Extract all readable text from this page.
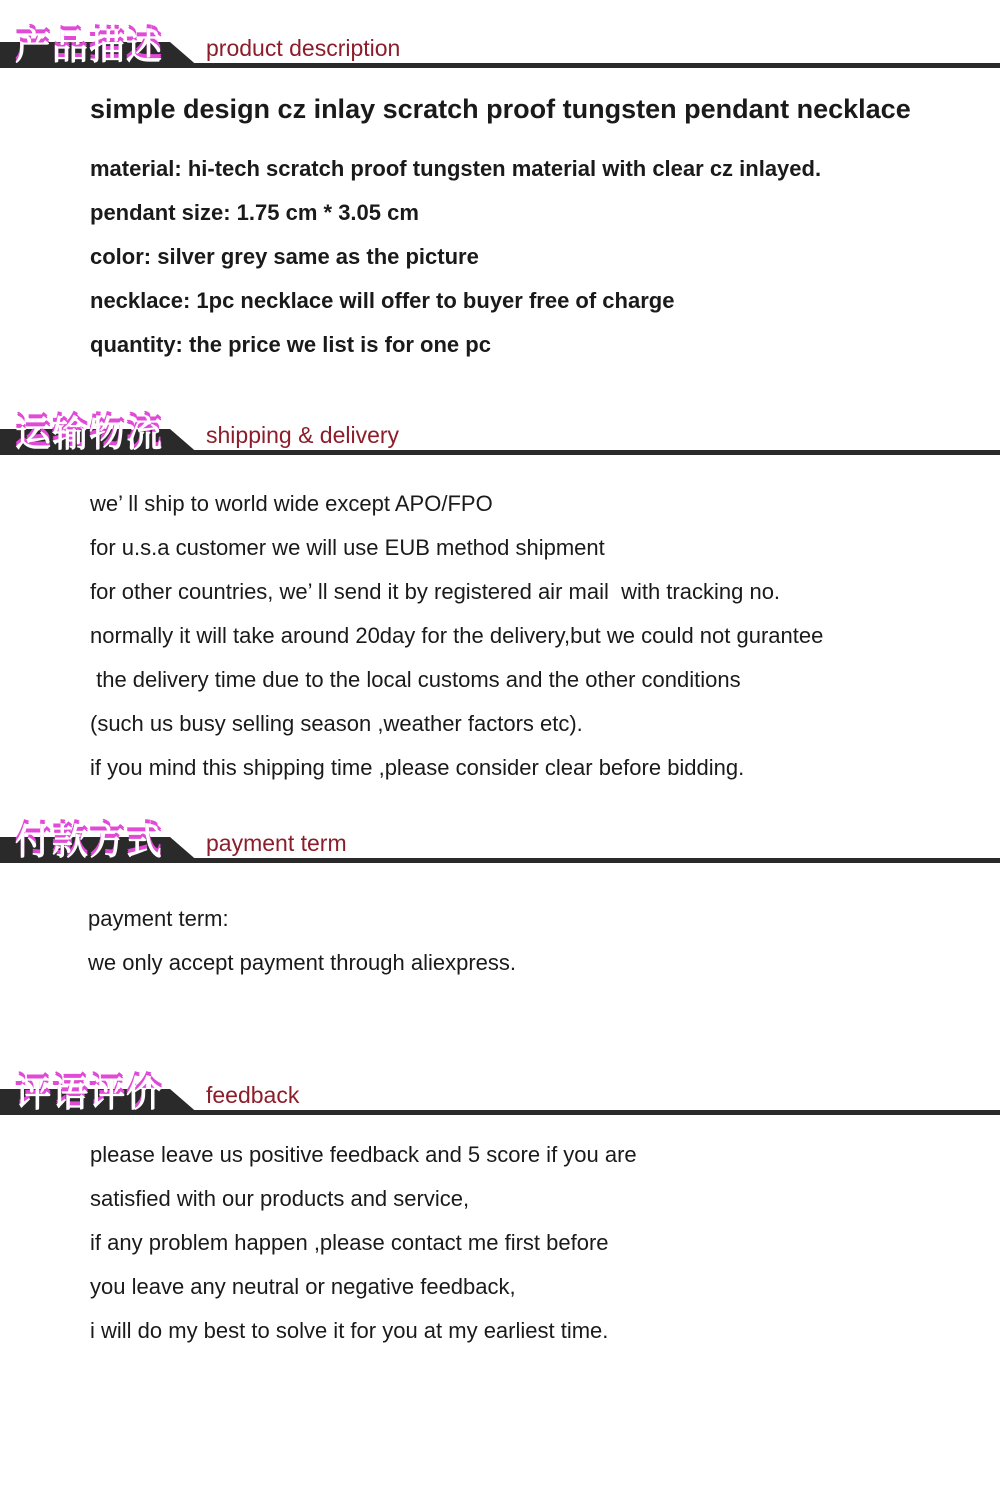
产品描述 product description
simple design cz inlay scratch proof tungsten pendant necklace
material: hi-tech scratch proof tungsten material with clear cz inlayed.
pendant size: 1.75 cm * 3.05 cm
color: silver grey same as the picture
necklace: 1pc necklace will offer to buyer free of charge
quantity: the price we list is for one pc
运输物流 shipping & delivery
we’ ll ship to world wide except APO/FPO
for u.s.a customer we will use EUB method shipment
for other countries, we’ ll send it by registered air mail  with tracking no.
normally it will take around 20day for the delivery,but we could not gurantee
the delivery time due to the local customs and the other conditions
(such us busy selling season ,weather factors etc).
if you mind this shipping time ,please consider clear before bidding.
付款方式 payment term
payment term:
we only accept payment through aliexpress.
评语评价 feedback
please leave us positive feedback and 5 score if you are
satisfied with our products and service,
if any problem happen ,please contact me first before
you leave any neutral or negative feedback,
i will do my best to solve it for you at my earliest time.
